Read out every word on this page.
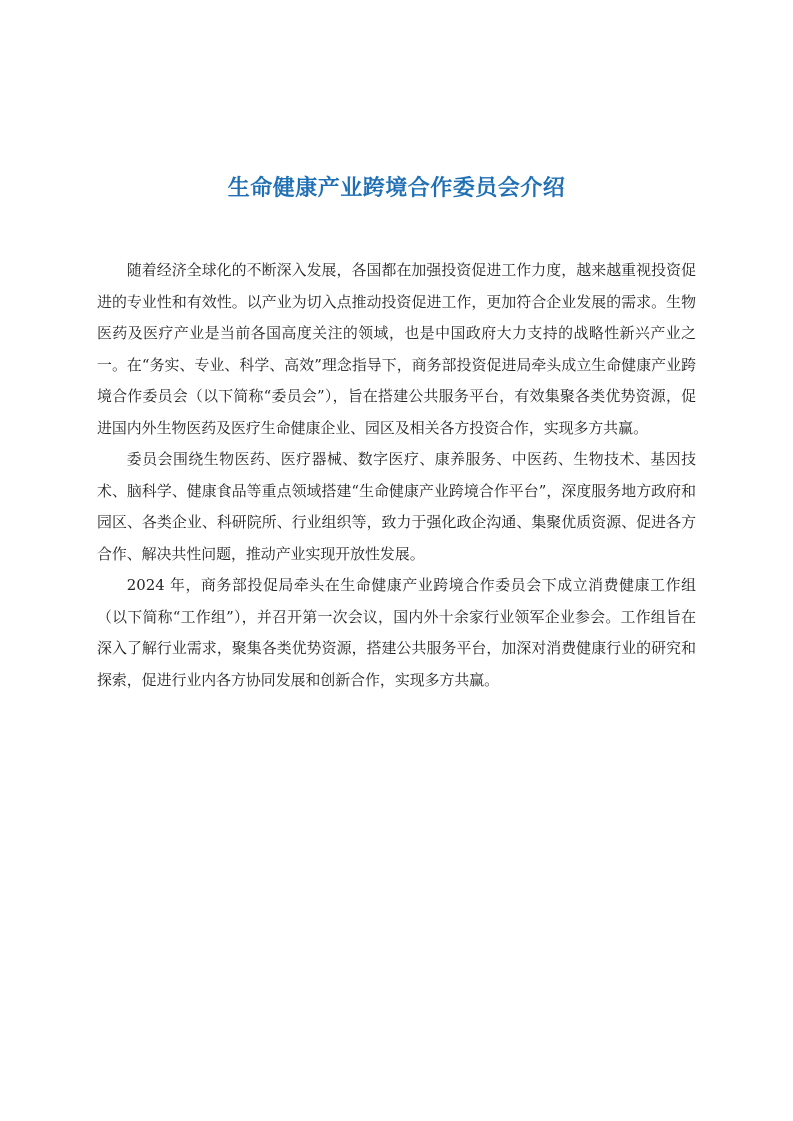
生命健康产业跨境合作委员会介绍

随着经济全球化的不断深入发展，各国都在加强投资促进工作力度，越来越重视投资促进的专业性和有效性。以产业为切入点推动投资促进工作，更加符合企业发展的需求。生物医药及医疗产业是当前各国高度关注的领域，也是中国政府大力支持的战略性新兴产业之一。在“务实、专业、科学、高效”理念指导下，商务部投资促进局牵头成立生命健康产业跨境合作委员会（以下简称“委员会”），旨在搭建公共服务平台，有效集聚各类优势资源，促进国内外生物医药及医疗生命健康企业、园区及相关各方投资合作，实现多方共赢。

委员会围绕生物医药、医疗器械、数字医疗、康养服务、中医药、生物技术、基因技术、脑科学、健康食品等重点领域搭建“生命健康产业跨境合作平台”，深度服务地方政府和园区、各类企业、科研院所、行业组织等，致力于强化政企沟通、集聚优质资源、促进各方合作、解决共性问题，推动产业实现开放性发展。

2024 年，商务部投促局牵头在生命健康产业跨境合作委员会下成立消费健康工作组（以下简称“工作组”），并召开第一次会议，国内外十余家行业领军企业参会。工作组旨在深入了解行业需求，聚集各类优势资源，搭建公共服务平台，加深对消费健康行业的研究和探索，促进行业内各方协同发展和创新合作，实现多方共赢。
